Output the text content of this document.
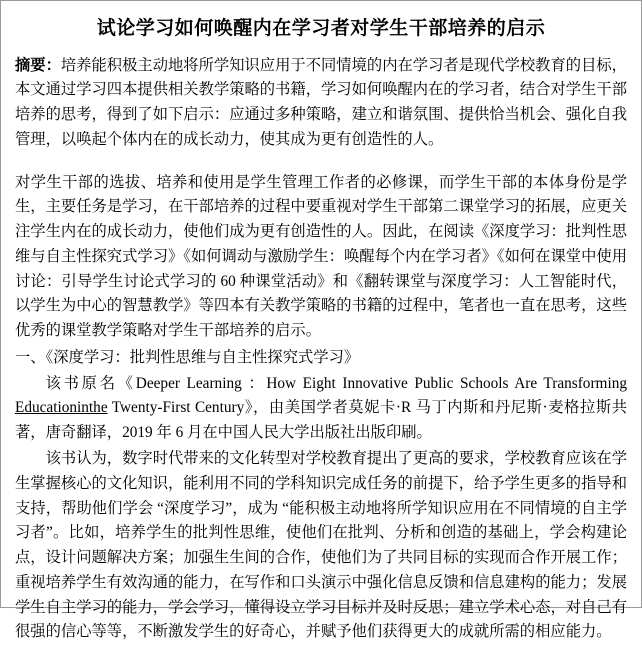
试论学习如何唤醒内在学习者对学生干部培养的启示
摘要：培养能积极主动地将所学知识应用于不同情境的内在学习者是现代学校教育的目标，本文通过学习四本提供相关教学策略的书籍，学习如何唤醒内在的学习者，结合对学生干部培养的思考，得到了如下启示：应通过多种策略，建立和谐氛围、提供恰当机会、强化自我管理，以唤起个体内在的成长动力，使其成为更有创造性的人。
对学生干部的选拔、培养和使用是学生管理工作者的必修课，而学生干部的本体身份是学生，主要任务是学习，在干部培养的过程中要重视对学生干部第二课堂学习的拓展，应更关注学生内在的成长动力，使他们成为更有创造性的人。因此，在阅读《深度学习：批判性思维与自主性探究式学习》《如何调动与激励学生：唤醒每个内在学习者》《如何在课堂中使用讨论：引导学生讨论式学习的 60 种课堂活动》和《翻转课堂与深度学习：人工智能时代，以学生为中心的智慧教学》等四本有关教学策略的书籍的过程中，笔者也一直在思考，这些优秀的课堂教学策略对学生干部培养的启示。
一、《深度学习：批判性思维与自主性探究式学习》
该书原名《Deeper Learning ：How Eight Innovative Public Schools Are Transforming Educationinthe Twenty-First Century》，由美国学者莫妮卡·R 马丁内斯和丹尼斯·麦格拉斯共著，唐奇翻译，2019 年 6 月在中国人民大学出版社出版印刷。
该书认为，数字时代带来的文化转型对学校教育提出了更高的要求，学校教育应该在学生掌握核心的文化知识，能利用不同的学科知识完成任务的前提下，给予学生更多的指导和支持，帮助他们学会 “深度学习”，成为 “能积极主动地将所学知识应用在不同情境的自主学习者”。比如，培养学生的批判性思维，使他们在批判、分析和创造的基础上，学会构建论点，设计问题解决方案；加强生生间的合作，使他们为了共同目标的实现而合作开展工作；重视培养学生有效沟通的能力，在写作和口头演示中强化信息反馈和信息建构的能力；发展学生自主学习的能力，学会学习，懂得设立学习目标并及时反思；建立学术心态，对自己有很强的信心等等，不断激发学生的好奇心，并赋予他们获得更大的成就所需的相应能力。
